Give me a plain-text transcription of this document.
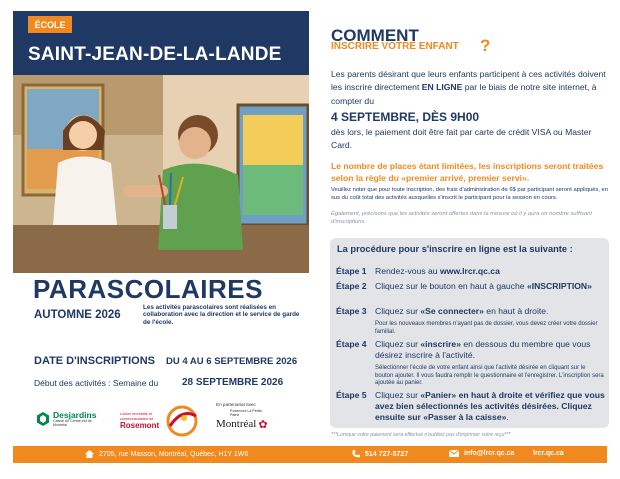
ÉCOLE
SAINT-JEAN-DE-LA-LANDE
PARASCOLAIRES
AUTOMNE 2026
Les activités parascolaires sont réalisées en collaboration avec la direction et le service de garde de l'école.
DATE D'INSCRIPTIONS DU 4 AU 6 SEPTEMBRE 2026
Début des activités : Semaine du 28 SEPTEMBRE 2026
Desjardins
Caisse du Centre-est de Montréal
Loisirs récréatifs et communautaires de
Rosemont
En partenariat avec
Rosemont La Petite-Patrie
Montréal ✿
COMMENT
INSCRIRE VOTRE ENFANT ?
Les parents désirant que leurs enfants participent à ces activités doivent les inscrire directement EN LIGNE par le biais de notre site internet, à compter du
4 SEPTEMBRE, DÈS 9H00
dès lors, le paiement doit être fait par carte de crédit VISA ou Master Card.
Le nombre de places étant limitées, les inscriptions seront traitées selon la règle du «premier arrivé, premier servi».
Veuillez noter que pour toute inscription, des frais d'administration de 6$ par participant seront appliqués, en sus du coût total des activités auxquelles s'inscrit le participant pour la session en cours.
Également, précisons que les activités seront offertes dans la mesure où il y aura un nombre suffisant d'inscriptions.
La procédure pour s'inscrire en ligne est la suivante :
Étape 1 Rendez-vous au www.lrcr.qc.ca
Étape 2 Cliquez sur le bouton en haut à gauche «INSCRIPTION»
Étape 3 Cliquez sur «Se connecter» en haut à droite.
Pour les nouveaux membres n'ayant pas de dossier, vous devez créer votre dossier familial.
Étape 4 Cliquez sur «inscrire» en dessous du membre que vous désirez inscrire à l'activité.
Sélectionner l'école de votre enfant ainsi que l'activité désirée en cliquant sur le bouton ajouter. Il vous faudra remplir le questionnaire et l'enregistrer. L'inscription sera ajoutée au panier.
Étape 5 Cliquez sur «Panier» en haut à droite et vérifiez que vous avez bien sélectionnés les activités désirées. Cliquez ensuite sur «Passer à la caisse».
***Lorsque votre paiement sera effectué n'oubliez pas d'imprimer votre reçu***
2705, rue Masson, Montréal, Québec, H1Y 1W6	514 727-5727	info@lrcr.qc.ca	lrcr.qc.ca
